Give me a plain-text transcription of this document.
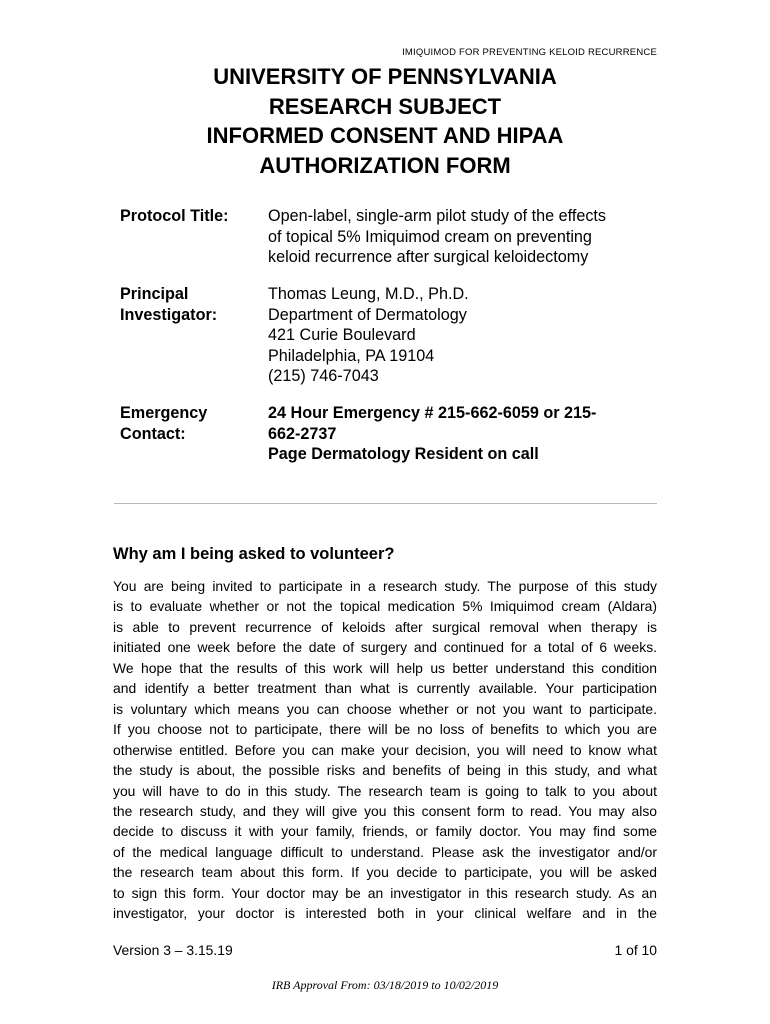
IMIQUIMOD FOR PREVENTING KELOID RECURRENCE
UNIVERSITY OF PENNSYLVANIA
RESEARCH SUBJECT
INFORMED CONSENT AND HIPAA
AUTHORIZATION FORM
Protocol Title:	Open-label, single-arm pilot study of the effects
of topical 5% Imiquimod cream on preventing
keloid recurrence after surgical keloidectomy
Principal
Investigator:
Thomas Leung, M.D., Ph.D.
Department of Dermatology
421 Curie Boulevard
Philadelphia, PA 19104
(215) 746-7043
Emergency
Contact:
24 Hour Emergency # 215-662-6059 or 215-
662-2737
Page Dermatology Resident on call
Why am I being asked to volunteer?
You are being invited to participate in a research study. The purpose of this study
is to evaluate whether or not the topical medication 5% Imiquimod cream (Aldara)
is able to prevent recurrence of keloids after surgical removal when therapy is
initiated one week before the date of surgery and continued for a total of 6 weeks.
We hope that the results of this work will help us better understand this condition
and identify a better treatment than what is currently available. Your participation
is voluntary which means you can choose whether or not you want to participate.
If you choose not to participate, there will be no loss of benefits to which you are
otherwise entitled. Before you can make your decision, you will need to know what
the study is about, the possible risks and benefits of being in this study, and what
you will have to do in this study. The research team is going to talk to you about
the research study, and they will give you this consent form to read. You may also
decide to discuss it with your family, friends, or family doctor. You may find some
of the medical language difficult to understand. Please ask the investigator and/or
the research team about this form. If you decide to participate, you will be asked
to sign this form. Your doctor may be an investigator in this research study. As an
investigator, your doctor is interested both in your clinical welfare and in the
Version 3 – 3.15.19	1 of 10
IRB Approval From: 03/18/2019 to 10/02/2019
